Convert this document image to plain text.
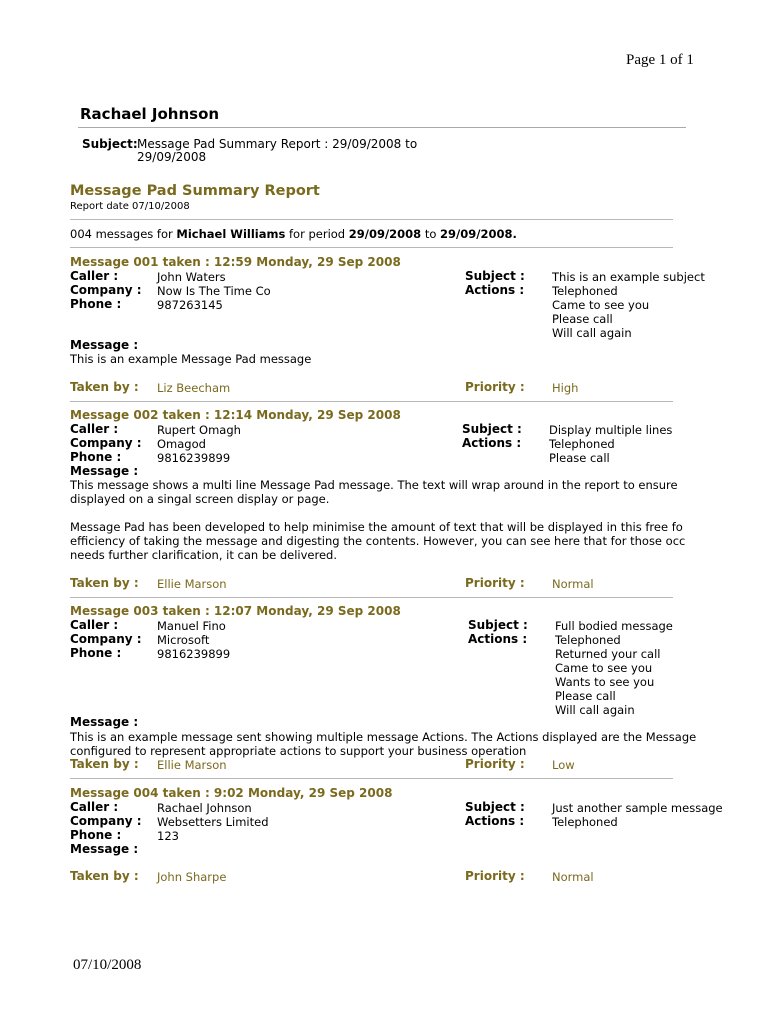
Page 1 of 1
Rachael Johnson
Subject: Message Pad Summary Report : 29/09/2008 to
29/09/2008
Message Pad Summary Report
Report date 07/10/2008
004 messages for Michael Williams for period 29/09/2008 to 29/09/2008.
Message 001 taken : 12:59 Monday, 29 Sep 2008
Caller :	John Waters
Company : Now Is The Time Co
Phone :	987263145
Subject : This is an example subject
Actions : Telephoned
Came to see you
Please call
Will call again
Message :
This is an example Message Pad message
Taken by : Liz Beecham	Priority : High
Message 002 taken : 12:14 Monday, 29 Sep 2008
Caller :	Rupert Omagh
Company : Omagod
Phone :	9816239899
Subject : Display multiple lines
Actions : Telephoned
Please call
Message :
This message shows a multi line Message Pad message. The text will wrap around in the report to ensure
displayed on a singal screen display or page.
Message Pad has been developed to help minimise the amount of text that will be displayed in this free fo
efficiency of taking the message and digesting the contents. However, you can see here that for those occ
needs further clarification, it can be delivered.
Taken by : Ellie Marson	Priority : Normal
Message 003 taken : 12:07 Monday, 29 Sep 2008
Caller :	Manuel Fino
Company : Microsoft
Phone :	9816239899
Subject : Full bodied message
Actions : Telephoned
Returned your call
Came to see you
Wants to see you
Please call
Will call again
Message :
This is an example message sent showing multiple message Actions. The Actions displayed are the Message
configured to represent appropriate actions to support your business operation
Taken by : Ellie Marson	Priority : Low
Message 004 taken : 9:02 Monday, 29 Sep 2008
Caller :	Rachael Johnson
Company : Websetters Limited
Phone :	123
Subject : Just another sample message
Actions : Telephoned
Message :
Taken by : John Sharpe	Priority : Normal
07/10/2008
